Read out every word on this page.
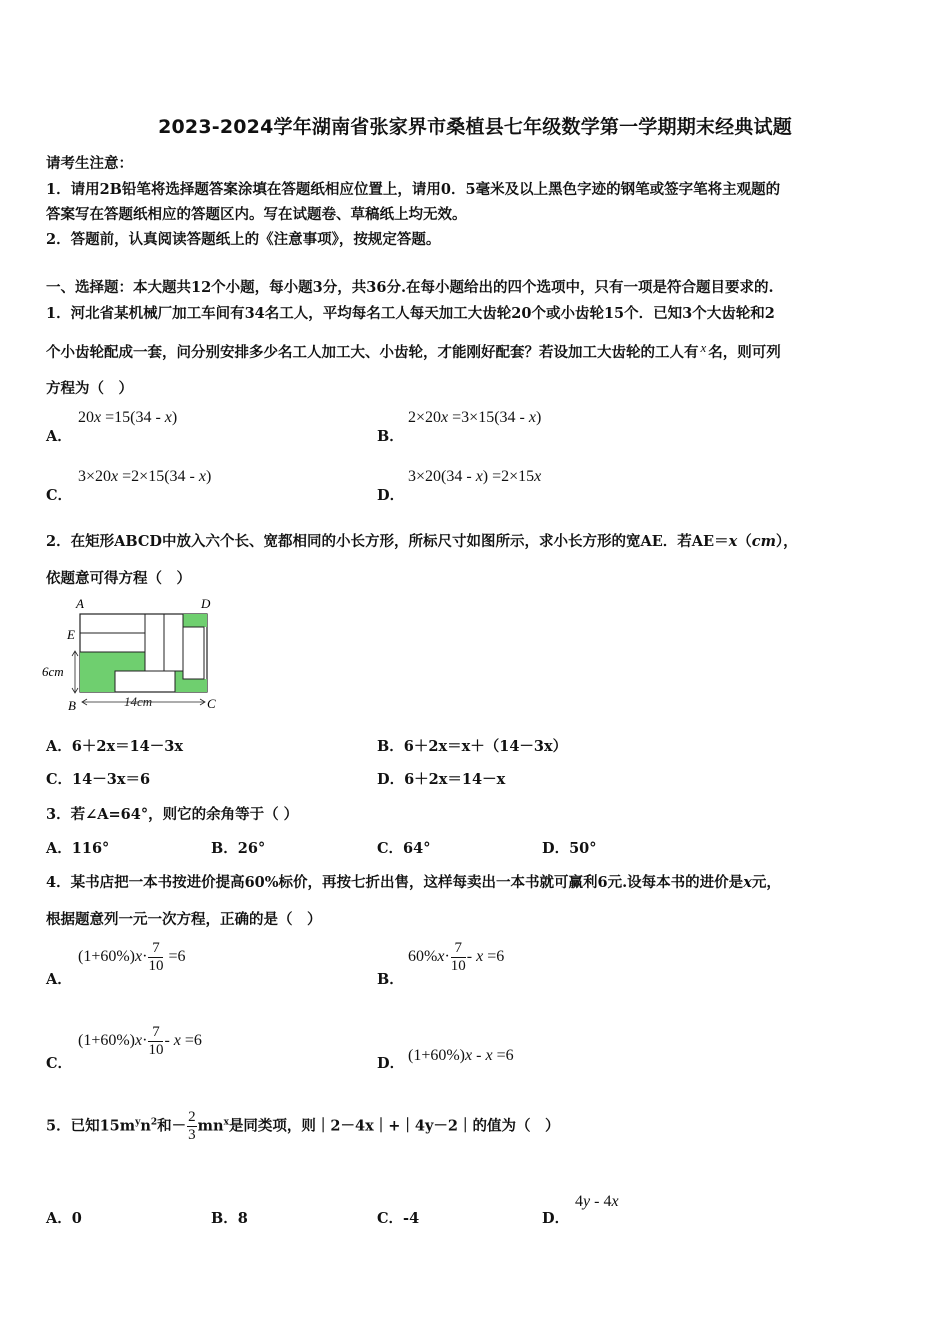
2023-2024学年湖南省张家界市桑植县七年级数学第一学期期末经典试题
请考生注意：
1．请用2B铅笔将选择题答案涂填在答题纸相应位置上，请用0．5毫米及以上黑色字迹的钢笔或签字笔将主观题的
答案写在答题纸相应的答题区内。写在试题卷、草稿纸上均无效。
2．答题前，认真阅读答题纸上的《注意事项》，按规定答题。
一、选择题：本大题共12个小题，每小题3分，共36分.在每小题给出的四个选项中，只有一项是符合题目要求的.
1．河北省某机械厂加工车间有34名工人，平均每名工人每天加工大齿轮20个或小齿轮15个．已知3个大齿轮和2
个小齿轮配成一套，问分别安排多少名工人加工大、小齿轮，才能刚好配套？若设加工大齿轮的工人有 x 名，则可列
方程为（　）
A．
20x =15(34 - x)
B．
2×20x =3×15(34 - x)
C．
3×20x =2×15(34 - x)
D．
3×20(34 - x) =2×15x
2．在矩形ABCD中放入六个长、宽都相同的小长方形，所标尺寸如图所示，求小长方形的宽AE．若AE＝x（cm），
依题意可得方程（　）
A	D
E
B	C
6cm
14cm
A．6＋2x＝14－3x	B．6＋2x＝x＋（14－3x）
C．14－3x＝6	D．6＋2x＝14－x
3．若∠A=64°，则它的余角等于（ ）
A．116°	B．26°	C．64°	D．50°
4．某书店把一本书按进价提高60%标价，再按七折出售，这样每卖出一本书就可赢利6元.设每本书的进价是x元，
根据题意列一元一次方程，正确的是（　）
A．
$(1+60\%)x\cdot \frac{7}{10} =6$
B．
$60\%x\cdot \frac{7}{10} - x =6$
C．
$(1+60\%)x\cdot \frac{7}{10} - x =6$
D． (1+60%)x - x =6
5．已知$15m^yn^2$和－ $\frac{2}{3} mn^x$是同类项，则｜2－4x｜+｜4y－2｜的值为（　）
A．0	B．8	C．-4	D．
4y - 4x
